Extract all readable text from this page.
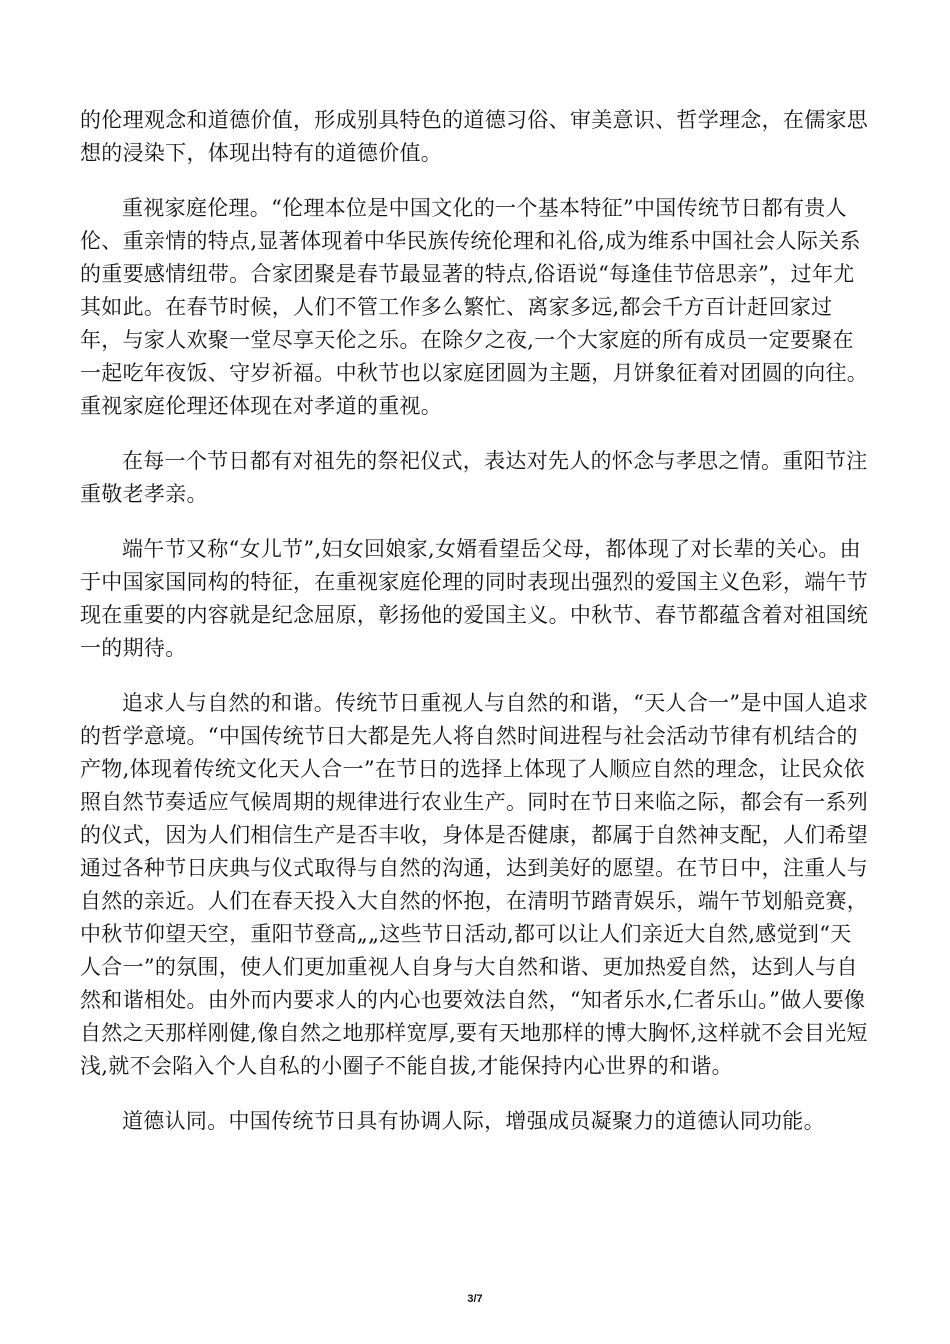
的伦理观念和道德价值，形成别具特色的道德习俗、审美意识、哲学理念，在儒家思想的浸染下，体现出特有的道德价值。

重视家庭伦理。“伦理本位是中国文化的一个基本特征”中国传统节日都有贵人伦、重亲情的特点,显著体现着中华民族传统伦理和礼俗,成为维系中国社会人际关系的重要感情纽带。合家团聚是春节最显著的特点,俗语说“每逢佳节倍思亲”，过年尤其如此。在春节时候，人们不管工作多么繁忙、离家多远,都会千方百计赶回家过年，与家人欢聚一堂尽享天伦之乐。在除夕之夜,一个大家庭的所有成员一定要聚在一起吃年夜饭、守岁祈福。中秋节也以家庭团圆为主题，月饼象征着对团圆的向往。重视家庭伦理还体现在对孝道的重视。

在每一个节日都有对祖先的祭祀仪式，表达对先人的怀念与孝思之情。重阳节注重敬老孝亲。

端午节又称“女儿节”,妇女回娘家,女婿看望岳父母，都体现了对长辈的关心。由于中国家国同构的特征，在重视家庭伦理的同时表现出强烈的爱国主义色彩，端午节现在重要的内容就是纪念屈原，彰扬他的爱国主义。中秋节、春节都蕴含着对祖国统一的期待。

追求人与自然的和谐。传统节日重视人与自然的和谐，“天人合一”是中国人追求的哲学意境。“中国传统节日大都是先人将自然时间进程与社会活动节律有机结合的产物,体现着传统文化天人合一”在节日的选择上体现了人顺应自然的理念，让民众依照自然节奏适应气候周期的规律进行农业生产。同时在节日来临之际，都会有一系列的仪式，因为人们相信生产是否丰收，身体是否健康，都属于自然神支配，人们希望通过各种节日庆典与仪式取得与自然的沟通，达到美好的愿望。在节日中，注重人与自然的亲近。人们在春天投入大自然的怀抱，在清明节踏青娱乐，端午节划船竞赛，中秋节仰望天空，重阳节登高„„这些节日活动,都可以让人们亲近大自然,感觉到“天人合一”的氛围，使人们更加重视人自身与大自然和谐、更加热爱自然，达到人与自然和谐相处。由外而内要求人的内心也要效法自然，“知者乐水,仁者乐山。”做人要像自然之天那样刚健,像自然之地那样宽厚,要有天地那样的博大胸怀,这样就不会目光短浅,就不会陷入个人自私的小圈子不能自拔,才能保持内心世界的和谐。

道德认同。中国传统节日具有协调人际，增强成员凝聚力的道德认同功能。

3/7
